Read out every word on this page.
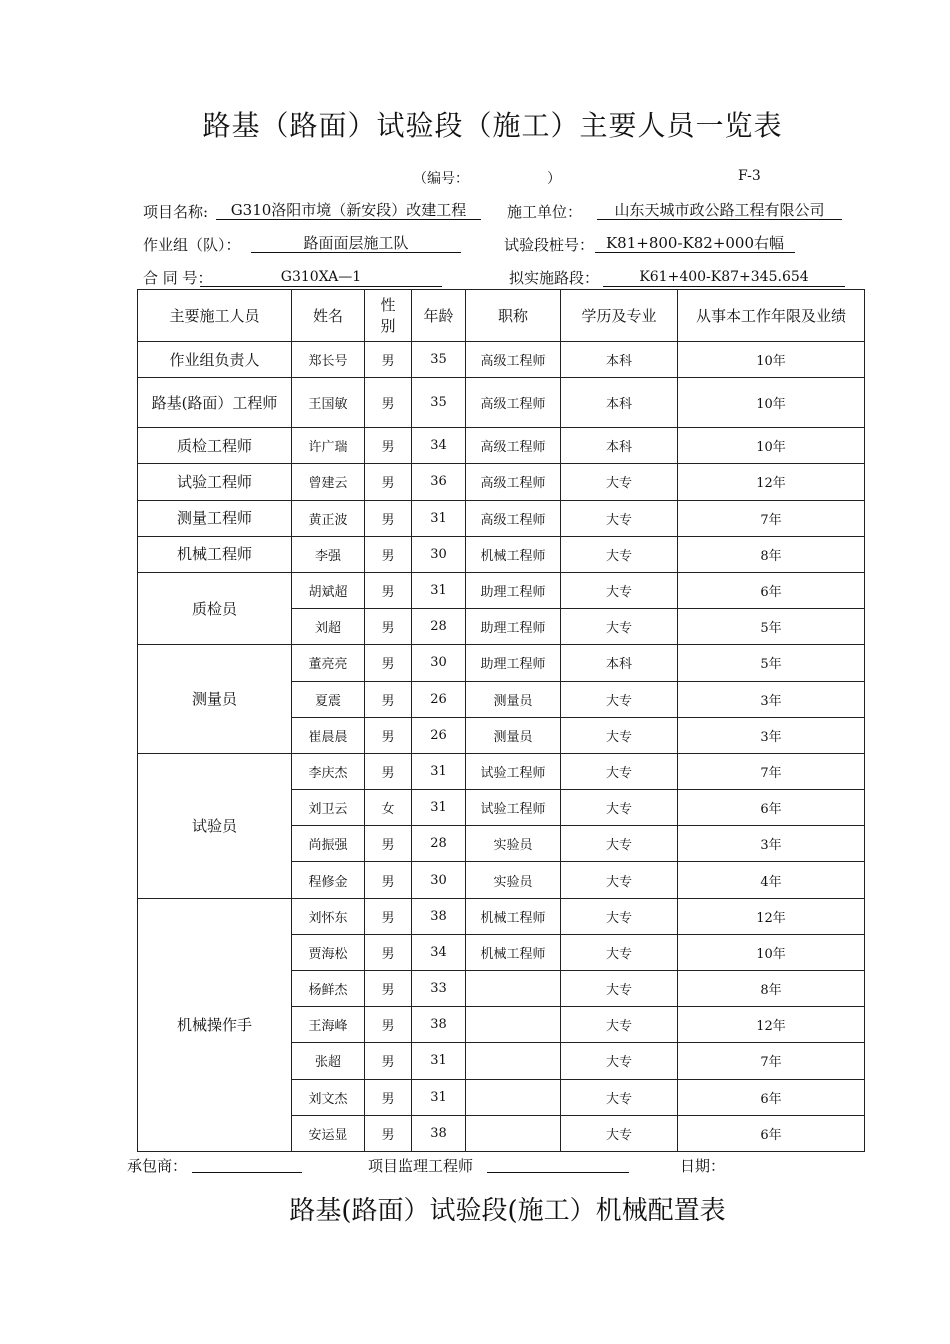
路基（路面）试验段（施工）主要人员一览表
（编号：	）	F-3
项目名称:	G310洛阳市境（新安段）改建工程	施工单位：	山东天城市政公路工程有限公司
作业组（队）：	路面面层施工队	试验段桩号： K81+800-K82+000右幅
合 同 号：	G310XA—1	拟实施路段：	K61+400-K87+345.654
主要施工人员	姓名	性别	年龄	职称	学历及专业	从事本工作年限及业绩
作业组负责人	郑长号	男	35	高级工程师	本科	10年
路基(路面）工程师	王国敏	男	35	高级工程师	本科	10年
质检工程师	许广瑞	男	34	高级工程师	本科	10年
试验工程师	曾建云	男	36	高级工程师	大专	12年
测量工程师	黄正波	男	31	高级工程师	大专	7年
机械工程师	李强	男	30	机械工程师	大专	8年
质检员	胡斌超	男	31	助理工程师	大专	6年
	刘超	男	28	助理工程师	大专	5年
测量员	董亮亮	男	30	助理工程师	本科	5年
	夏震	男	26	测量员	大专	3年
	崔晨晨	男	26	测量员	大专	3年
试验员	李庆杰	男	31	试验工程师	大专	7年
	刘卫云	女	31	试验工程师	大专	6年
	尚振强	男	28	实验员	大专	3年
	程修金	男	30	实验员	大专	4年
机械操作手	刘怀东	男	38	机械工程师	大专	12年
	贾海松	男	34	机械工程师	大专	10年
	杨鲜杰	男	33		大专	8年
	王海峰	男	38		大专	12年
	张超	男	31		大专	7年
	刘文杰	男	31		大专	6年
	安运显	男	38		大专	6年
承包商：	项目监理工程师	日期：
路基(路面）试验段(施工）机械配置表
